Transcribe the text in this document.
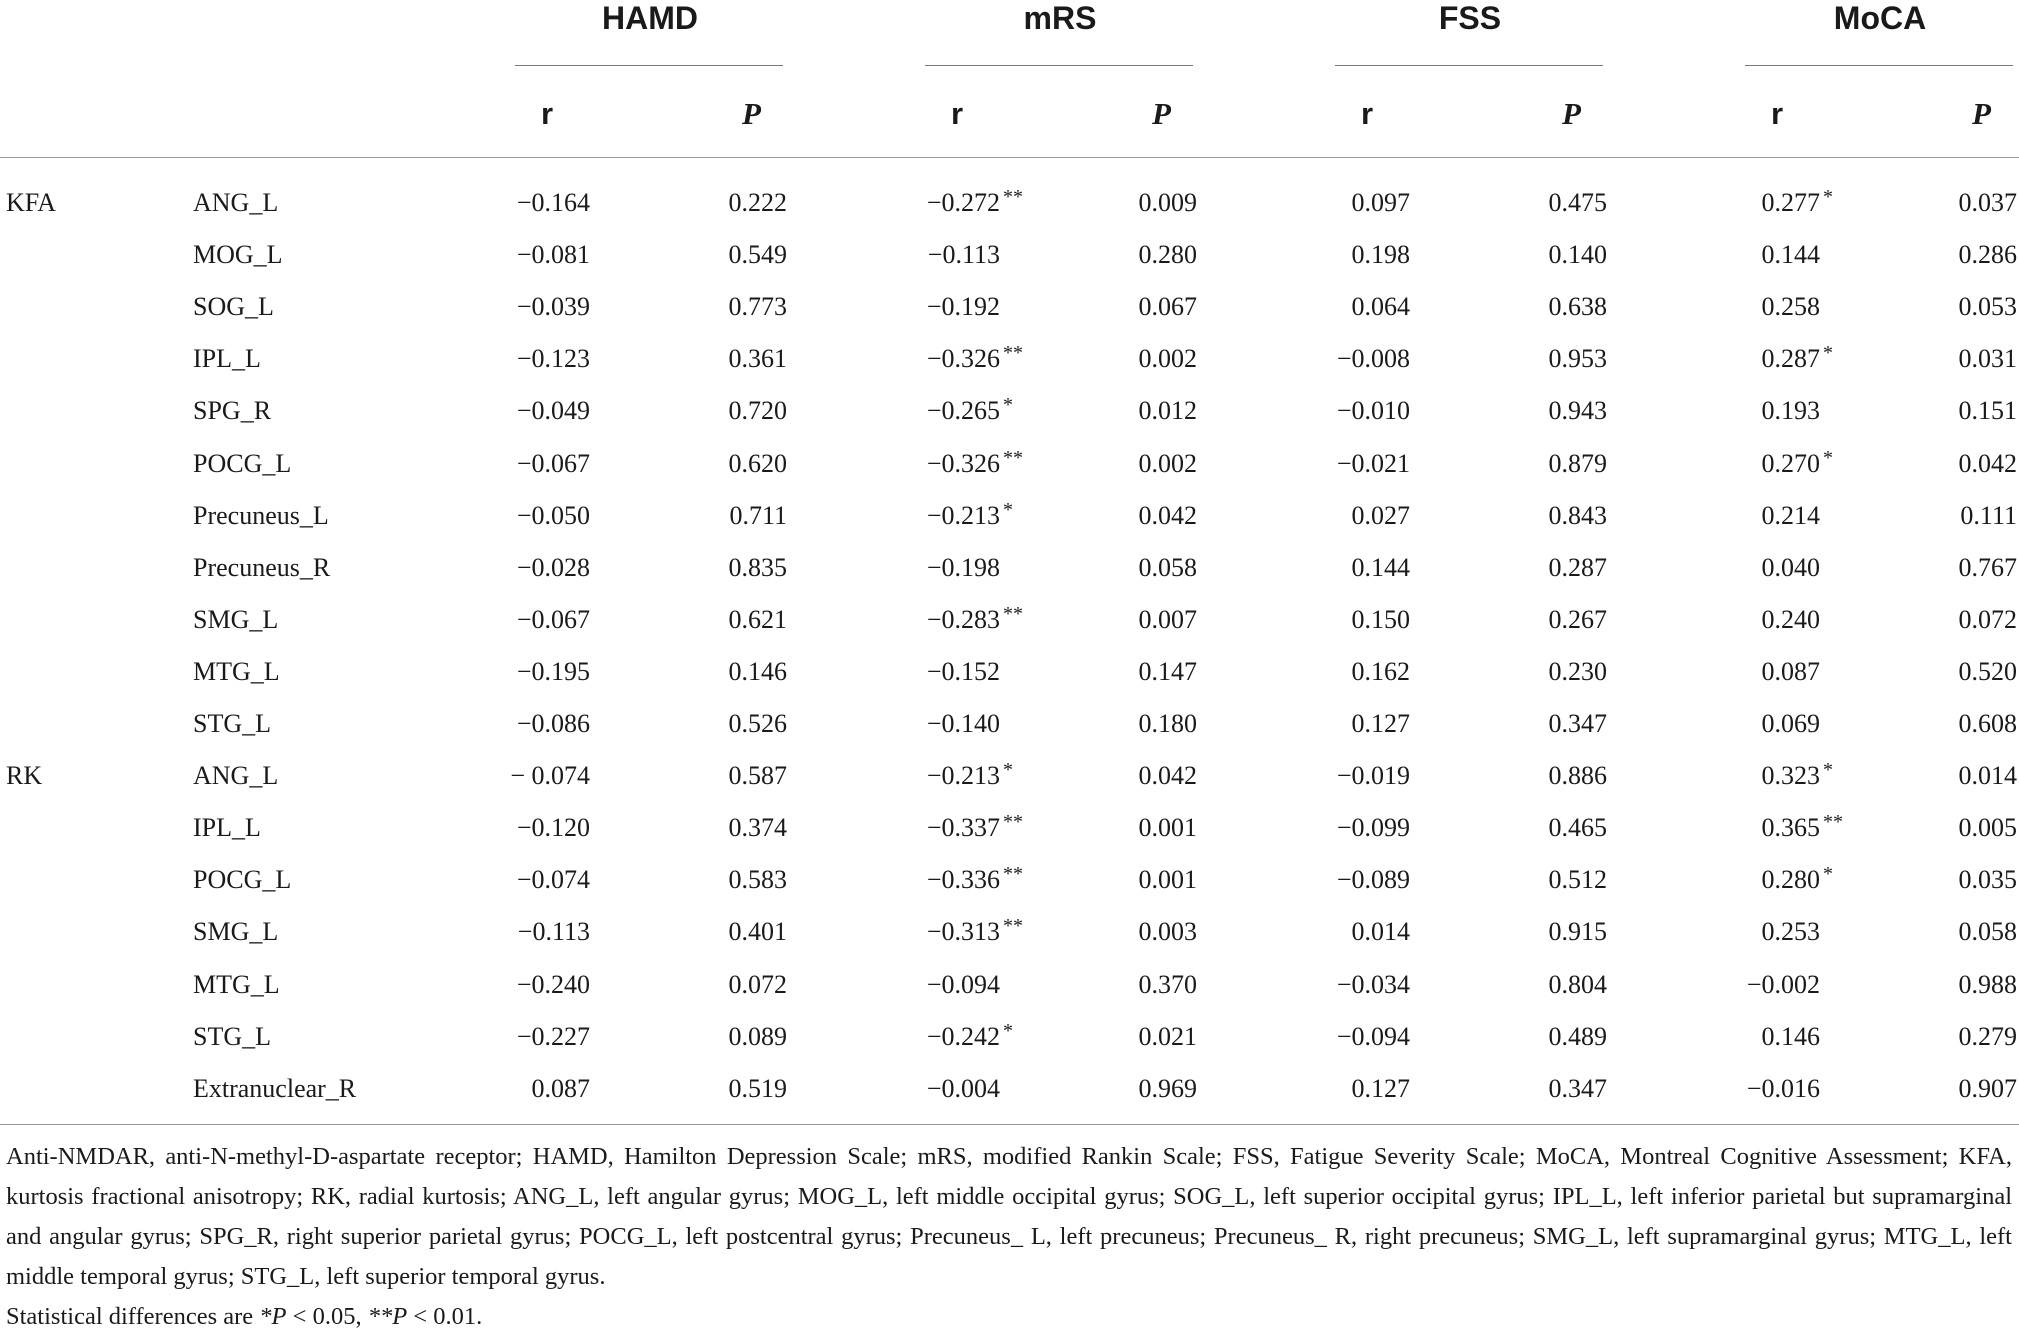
HAMD	mRS	FSS	MoCA
r	P	r	P	r	P	r	P
KFA	ANG_L	−0.164	0.222	−0.272 **	0.009	0.097	0.475	0.277 *	0.037
MOG_L	−0.081	0.549	−0.113	0.280	0.198	0.140	0.144	0.286
SOG_L	−0.039	0.773	−0.192	0.067	0.064	0.638	0.258	0.053
IPL_L	−0.123	0.361	−0.326 **	0.002	−0.008	0.953	0.287 *	0.031
SPG_R	−0.049	0.720	−0.265 *	0.012	−0.010	0.943	0.193	0.151
POCG_L	−0.067	0.620	−0.326 **	0.002	−0.021	0.879	0.270 *	0.042
Precuneus_L	−0.050	0.711	−0.213 *	0.042	0.027	0.843	0.214	0.111
Precuneus_R	−0.028	0.835	−0.198	0.058	0.144	0.287	0.040	0.767
SMG_L	−0.067	0.621	−0.283 **	0.007	0.150	0.267	0.240	0.072
MTG_L	−0.195	0.146	−0.152	0.147	0.162	0.230	0.087	0.520
STG_L	−0.086	0.526	−0.140	0.180	0.127	0.347	0.069	0.608
RK	ANG_L	− 0.074	0.587	−0.213 *	0.042	−0.019	0.886	0.323 *	0.014
IPL_L	−0.120	0.374	−0.337 **	0.001	−0.099	0.465	0.365 **	0.005
POCG_L	−0.074	0.583	−0.336 **	0.001	−0.089	0.512	0.280 *	0.035
SMG_L	−0.113	0.401	−0.313 **	0.003	0.014	0.915	0.253	0.058
MTG_L	−0.240	0.072	−0.094	0.370	−0.034	0.804	−0.002	0.988
STG_L	−0.227	0.089	−0.242 *	0.021	−0.094	0.489	0.146	0.279
Extranuclear_R	0.087	0.519	−0.004	0.969	0.127	0.347	−0.016	0.907

Anti-NMDAR, anti-N-methyl-D-aspartate receptor; HAMD, Hamilton Depression Scale; mRS, modified Rankin Scale; FSS, Fatigue Severity Scale; MoCA, Montreal Cognitive Assessment; KFA, kurtosis fractional anisotropy; RK, radial kurtosis; ANG_L, left angular gyrus; MOG_L, left middle occipital gyrus; SOG_L, left superior occipital gyrus; IPL_L, left inferior parietal but supramarginal and angular gyrus; SPG_R, right superior parietal gyrus; POCG_L, left postcentral gyrus; Precuneus_ L, left precuneus; Precuneus_ R, right precuneus; SMG_L, left supramarginal gyrus; MTG_L, left middle temporal gyrus; STG_L, left superior temporal gyrus.

Statistical differences are *P < 0.05, **P < 0.01.
